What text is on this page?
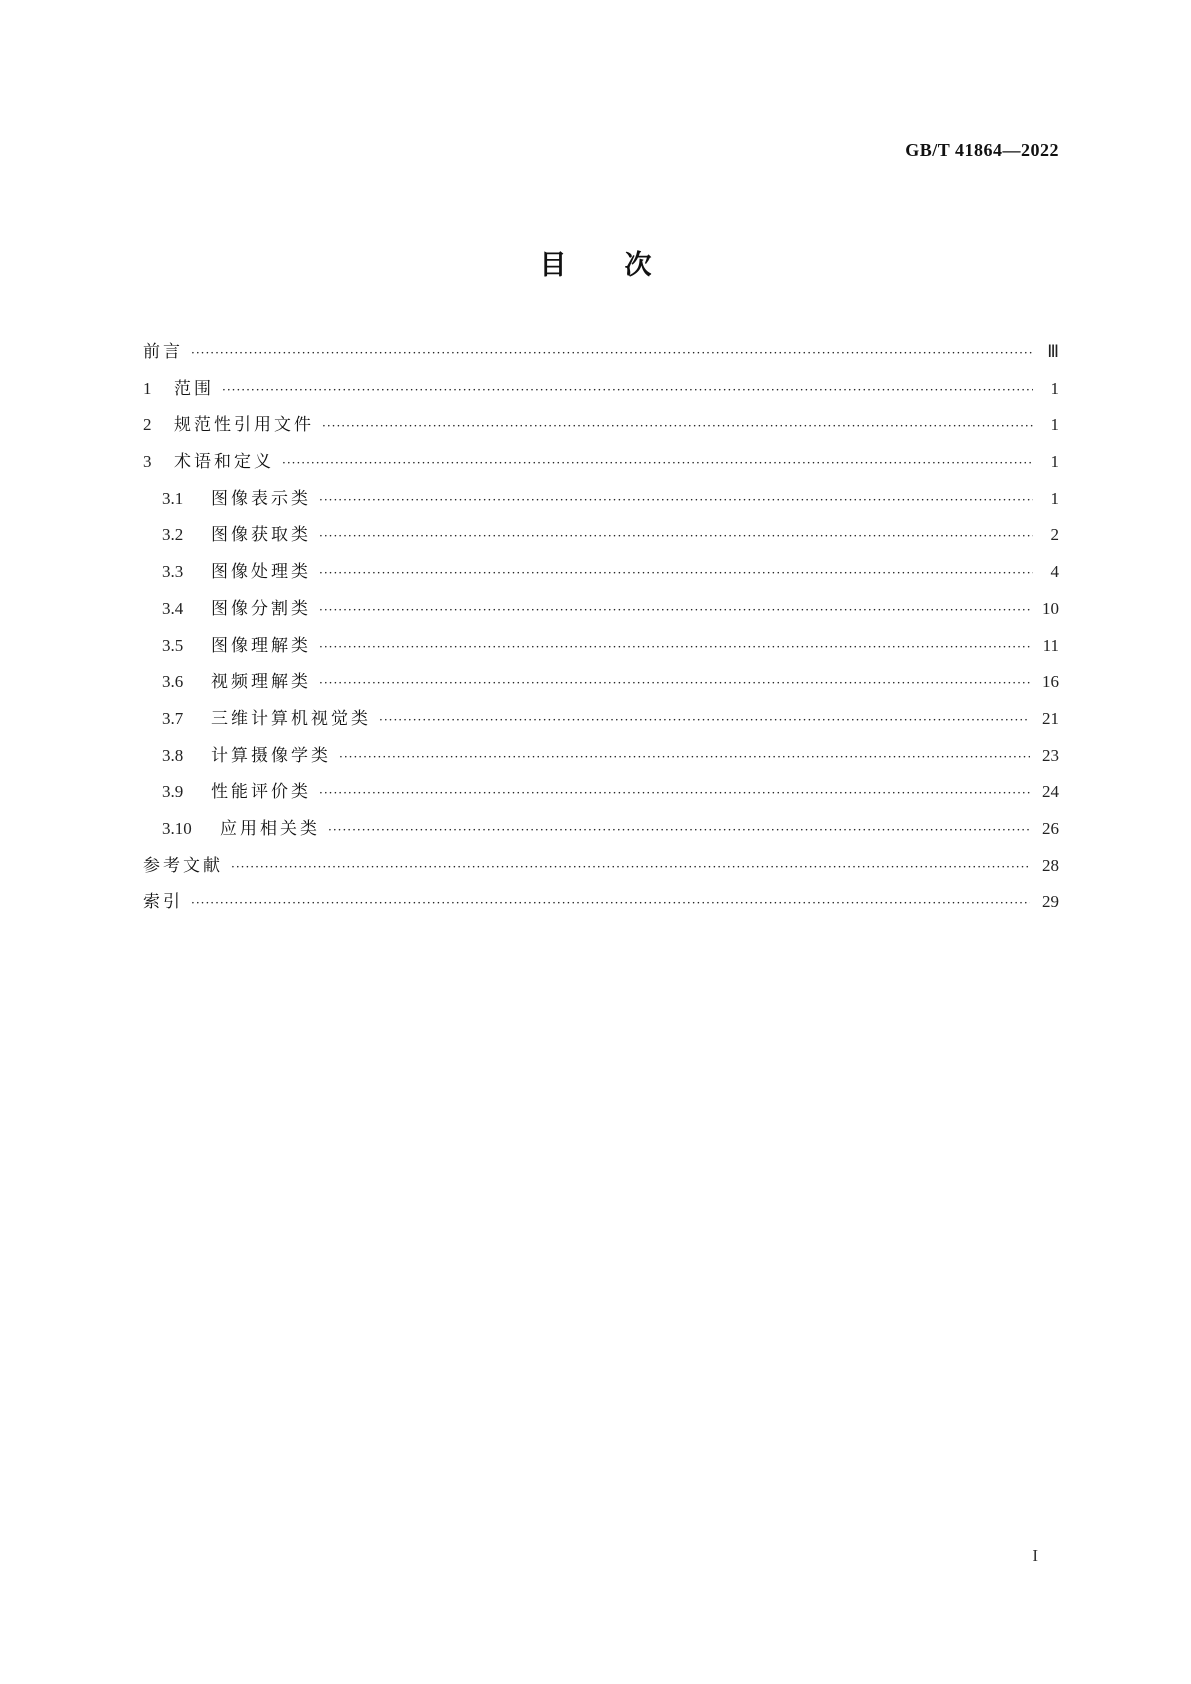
GB/T 41864—2022
目次
前言 ·····	Ⅲ
1	范围 ·····	1
2	规范性引用文件 ·····	1
3	术语和定义 ·····	1
3.1	图像表示类 ·····	1
3.2	图像获取类 ·····	2
3.3	图像处理类 ·····	4
3.4	图像分割类 ·····	10
3.5	图像理解类 ·····	11
3.6	视频理解类 ·····	16
3.7	三维计算机视觉类 ·····	21
3.8	计算摄像学类 ·····	23
3.9	性能评价类 ·····	24
3.10	应用相关类 ·····	26
参考文献 ·····	28
索引 ·····	29
I
